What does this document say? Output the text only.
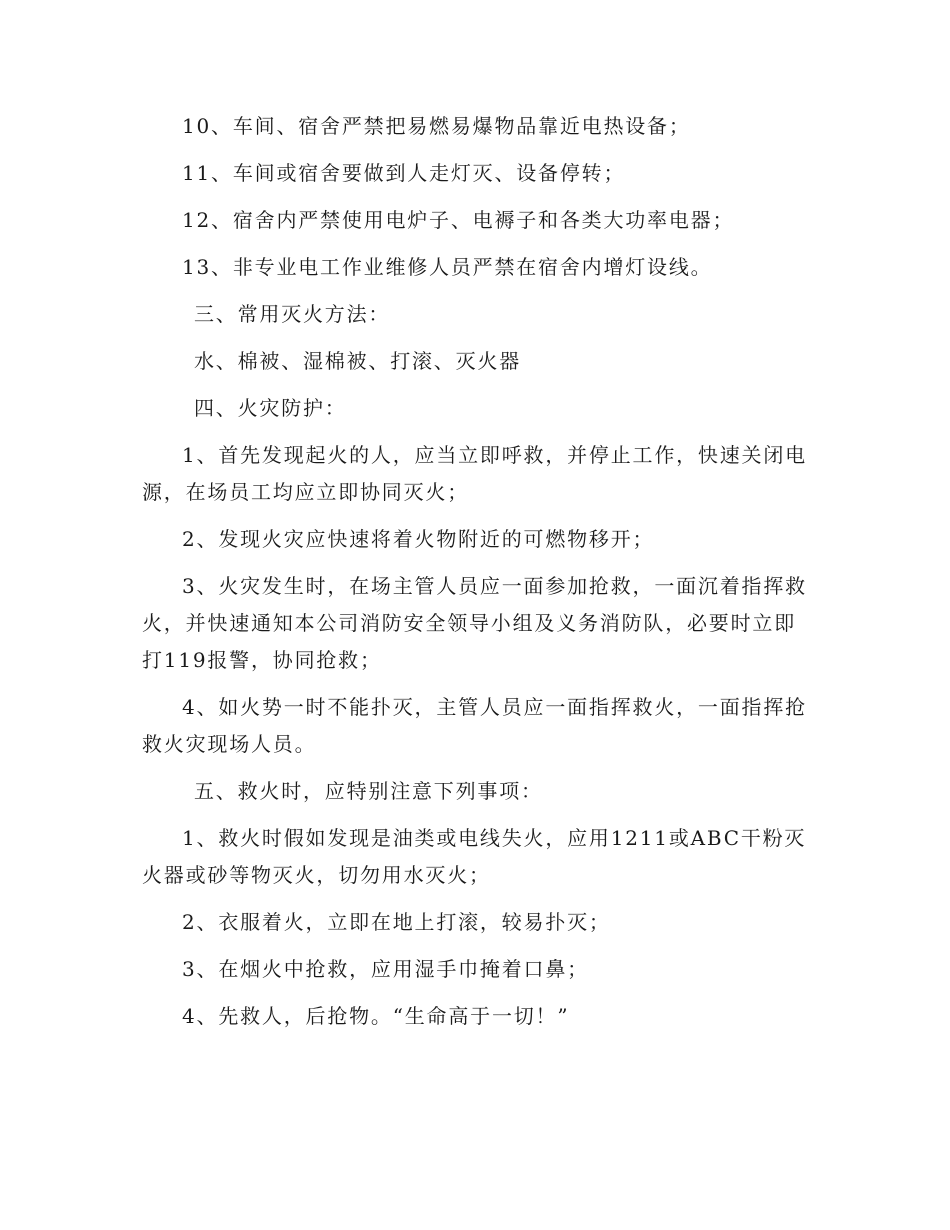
10、车间、宿舍严禁把易燃易爆物品靠近电热设备；

11、车间或宿舍要做到人走灯灭、设备停转；

12、宿舍内严禁使用电炉子、电褥子和各类大功率电器；

13、非专业电工作业维修人员严禁在宿舍内增灯设线。

三、常用灭火方法：

水、棉被、湿棉被、打滚、灭火器

四、火灾防护：

1、首先发现起火的人，应当立即呼救，并停止工作，快速关闭电源，在场员工均应立即协同灭火；

2、发现火灾应快速将着火物附近的可燃物移开；

3、火灾发生时，在场主管人员应一面参加抢救，一面沉着指挥救火，并快速通知本公司消防安全领导小组及义务消防队，必要时立即打119报警，协同抢救；

4、如火势一时不能扑灭，主管人员应一面指挥救火，一面指挥抢救火灾现场人员。

五、救火时，应特别注意下列事项：

1、救火时假如发现是油类或电线失火，应用1211或ABC干粉灭火器或砂等物灭火，切勿用水灭火；

2、衣服着火，立即在地上打滚，较易扑灭；

3、在烟火中抢救，应用湿手巾掩着口鼻；

4、先救人，后抢物。“生命高于一切！”
